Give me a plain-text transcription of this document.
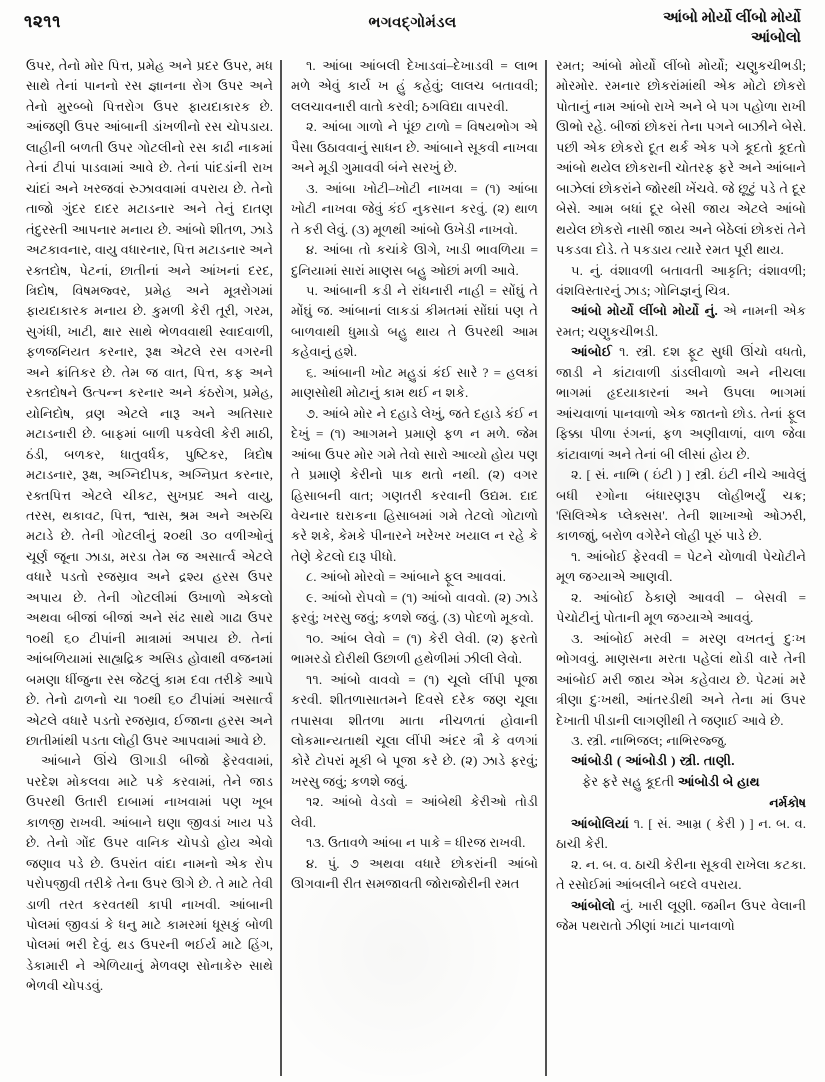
૧૨૧૧	ભગવદ્ગોમંડલ	આંબો મોર્યો લીંબો મોર્યો
આંબોલો

ઉપર, તેનો મોર પિત્ત, પ્રમેહ અને પ્રદર ઉપર, મધ સાથે તેનાં પાનનો રસ જ્ઞાનના રોગ ઉપર અને તેનો મુરબ્બો પિત્તરોગ ઉપર ફાયદાકારક છે. આંજણી ઉપર આંબાની ડાંખળીનો રસ ચોપડાય. લાહીની બળતી ઉપર ગોટલીનો રસ કાઢી નાકમાં તેનાં ટીપાં પાડવામાં આવે છે. તેનાં પાંદડાંની રાખ ચાંદાં અને ખરજવાં રુઝાવવામાં વપરાય છે. તેનો તાજો ગુંદર દાદર મટાડનાર અને તેનું દાતણ તંદુરસ્તી આપનાર મનાય છે. આંબો શીતળ, ઝાડે અટકાવનાર, વાયુ વધારનાર, પિત્ત મટાડનાર અને રક્તદોષ, પેટનાં, છાતીનાં અને આંખનાં દરદ, ત્રિદોષ, વિષમજ્વર, પ્રમેહ અને મૂત્રરોગમાં ફાયદાકારક મનાય છે. કુમળી કેરી તૂરી, ગરમ, સુગંધી, ખાટી, ક્ષાર સાથે ભેળવવાથી સ્વાદવાળી, ફળજનિયત કરનાર, રૂક્ષ એટલે રસ વગરની અને ક્રાંતિકર છે. તેમ જ વાત, પિત્ત, કફ અને રક્તદોષને ઉત્પન્ન કરનાર અને કંઠરોગ, પ્રમેહ, યોનિદોષ, વ્રણ એટલે નારૂ અને અતિસાર મટાડનારી છે. બાફમાં બાળી પકવેલી કેરી માઠી, ઠંડી, બળકર, ધાતુવર્ધક, પુષ્ટિકર, ત્રિદોષ મટાડનાર, રૂક્ષ, અગ્નિદીપક, અગ્નિપ્રત કરનાર, રક્તપિત્ત એટલે ચીકટ, સુખપ્રદ અને વાયુ, તરસ, થકાવટ, પિત્ત, શ્વાસ, શ્રમ અને અરુચિ મટાડે છે. તેની ગોટલીનું ૨૦થી ૩૦ વળીઓનું ચૂર્ણ જૂના ઝાડા, મરડા તેમ જ અસાર્ત્વ એટલે વધારે પડતો રજસ્રાવ અને દ્રશ્ય હરસ ઉપર અપાય છે. તેની ગોટલીમાં ઉખાળો એકલો અથવા બીજાં બીજાં અને સંઢ સાથે ગાઢા ઉપર ૧૦થી ૬૦ ટીપાંની માત્રામાં અપાય છે. તેનાં આંબળિયામાં સાહ્યદ્રિક અસિડ હોવાથી વજનમાં બમણા ધીંજુના રસ જેટલું કામ દવા તરીકે આપે છે. તેનો ઢાળનો ચા ૧૦થી ૬૦ ટીપાંમાં અસાર્ત્વ એટલે વધારે પડતો રજસ્રાવ, ઈજાના હરસ અને છાતીમાંથી પડતા લોહી ઉપર આપવામાં આવે છે.

આંબાને ઊંચે ઊગાડી બીજો ફેરવવામાં, પરદેશ મોકલવા માટે પકે કરવામાં, તેને જાડ ઉપરથી ઉતારી દાબામાં નાખવામાં પણ ખૂબ કાળજી રાખવી. આંબાને ઘણા જીવડાં ખાય પડે છે. તેનો ગોંદ ઉપર વાનિક ચોપડો હોય એવો જણાવ પડે છે. ઉપરાંત વાંદા નામનો એક રોપ પરોપજીવી તરીકે તેના ઉપર ઊગે છે. તે માટે તેવી ડાળી તરત કરવતથી કાપી નાખવી. આંબાની પોલમાં જીવડાં કે ધનુ માટે કામરમાં ધૂસકું બોળી પોલમાં ભરી દેવું. થડ ઉપરની ભઈર્ય માટે હિંગ, ડેકામારી ને એળિયાનું મેળવણ સોનાકેરુ સાથે ભેળવી ચોપડવું.

૧. આંબા આંબલી દેખાડવાં–દેખાડવી = લાભ મળે એવું કાર્ય ખ હું કહેવું; લાલચ બતાવવી; લલચાવનારી વાતો કરવી; ઠગવિદ્યા વાપરવી.

૨. આંબા ગાળો ને પૂંછ ટાળો = વિષયભોગ એ પૈસા ઉઠાવવાનું સાધન છે. આંબાને સૂકવી નાખવા અને મૂડી ગુમાવવી બંને સરખું છે.

૩. આંબા ખોટી–ખોટી નાખવા = (૧) આંબા ખોટી નાખવા જેવું કંઈ નુકસાન કરવું. (૨) થાળ તે કરી લેવું. (૩) મૂળથી આંબો ઉખેડી નાખવો.

૪. આંબા તો કચાંકે ઊગે, ખાડી ભાવળિયા = દુનિયામાં સારાં માણસ બહુ ઓછાં મળી આવે.

૫. આંબાની કડી ને રાંધનારી નાહી = સોંઘું તે મોંઘું જ. આંબાનાં લાકડાં કીમતમાં સોંઘાં પણ તે બાળવાથી ધુમાડો બહુ થાય તે ઉપરથી આમ કહેવાનું હશે.

૬. આંબાની ખોટ મહુડાં કંઈ સારે ? = હલકાં માણસોથી મોટાનું કામ થઈ ન શકે.

૭. આંબે મોર ને દહાડે લેખું, જતે દહાડે કંઈ ન દેખું = (૧) આગમને પ્રમાણે ફળ ન મળે. જેમ આંબા ઉપર મોર ગમે તેવો સારો આવ્યો હોય પણ તે પ્રમાણે કેરીનો પાક થતો નથી. (૨) વગર હિસાબની વાત; ગણતરી કરવાની ઉદ્યમ. દાદ વેચનાર ઘરાકના હિસાબમાં ગમે તેટલો ગોટાળો કરે શકે, કેમકે પીનારને ખરેખર ખયાલ ન રહે કે તેણે કેટલો દારૂ પીધો.

૮. આંબો મોરવો = આંબાને ફૂલ આવવાં.

૯. આંબો રોપવો = (૧) આંબો વાવવો. (૨) ઝાડે ફરવું; ખરસુ જવું; કળશે જવું. (૩) પોદળો મૂકવો.

૧૦. આંબ લેવો = (૧) કેરી લેવી. (૨) ફરતો ભામરડો દોરીથી ઉછાળી હથેળીમાં ઝીલી લેવો.

૧૧. આંબો વાવવો = (૧) ચૂલો લીંપી પૂજા કરવી. શીતળાસાતમને દિવસે દરેક જણ ચૂલા તપાસવા શીતળા માતા નીચળતાં હોવાની લોકમાન્યતાથી ચૂલા લીંપી અંદર ત્રૌ કે વળગાં કોરે ટોપરાં મૂકી બે પૂજા કરે છે. (૨) ઝાડે ફરવું; ખરસુ જવું; કળશે જવું.

૧૨. આંબો વેડવો = આંબેથી કેરીઓ તોડી લેવી.

૧૩. ઉતાવળે આંબા ન પાકે = ધીરજ રાખવી.

૪. પું. ૭ અથવા વધારે છોકરાંની આંબો ઊગવાની રીત સમજાવતી જોરાજોરીની રમત

રમત; આંબો મોર્યો લીંબો મોર્યો; ચણુકચીભડી; મોરમોર. રમનાર છોકરાંમાંથી એક મોટો છોકરો પોતાનું નામ આંબો રાખે અને બે પગ પહોળા રાખી ઊભો રહે. બીજાં છોકરાં તેના પગને બાઝીને બેસે. પછી એક છોકરો દૂત થર્ક એક પગે કૂદતો કૂદતો આંબો થયેલ છોકરાની ચોતરફ ફરે અને આંબાને બાઝેલાં છોકરાંને જોરથી ખેંચવે. જે છૂટું પડે તે દૂર બેસે. આમ બધાં દૂર બેસી જાય એટલે આંબો થયેલ છોકરો નાસી જાય અને બેઠેલાં છોકરાં તેને પકડવા દોડે. તે પકડાય ત્યારે રમત પૂરી થાય.

૫. નું. વંશાવળી બતાવતી આકૃતિ; વંશાવળી; વંશવિસ્તારનું ઝાડ; ગોનિજ્ઞનું ચિત્ર.

આંબો મોર્યો લીંબો મોર્યો નું. એ નામની એક રમત; ચણુકચીભડી.

આંબોઈ ૧. સ્ત્રી. દશ ફૂટ સુધી ઊંચો વધતો, જાડી ને કાંટાવાળી ડાંડલીવાળો અને નીચલા ભાગમાં હૃદયાકારનાં અને ઉપલા ભાગમાં આંચવાળાં પાનવાળો એક જાતનો છોડ. તેનાં ફૂલ ફિક્કા પીળા રંગનાં, ફળ અણીવાળાં, વાળ જેવા કાંટાવાળાં અને તેનાં બી લીસાં હોય છે.

૨. [ સં. નાભિ ( ઇંટી ) ] સ્ત્રી. ઇંટી નીચે આવેલું બધી રગોના બંધારણરૂપ લોહીભર્યું ચક્ર; 'સિલિએક પ્લેક્સસ'. તેની શાખાઓ ઓઝરી, કાળજાું, બરોળ વગેરેને લોહી પૂરું પાડે છે.

૧. આંબોઈ ફેરવવી = પેટને ચોળાવી પેચોટીને મૂળ જગ્યાએ આણવી.

૨. આંબોઈ ઠેકાણે આવવી – બેસવી = પેચોટીનું પોતાની મૂળ જગ્યાએ આવવું.

૩. આંબોઈ મરવી = મરણ વખતનું દુઃખ ભોગવવું. માણસના મરતા પહેલાં થોડી વારે તેની આંબોઈ મરી જાય એમ કહેવાય છે. પેટમાં મરે ત્રીણા દુઃખથી, આંતરડીથી અને તેના માં ઉપર દેખાતી પીડાની લાગણીથી તે જણાઈ આવે છે.

૩. સ્ત્રી. નાભિજલ; નાભિરજ્જુ.

આંબોડી ( આંબોડી ) સ્ત્રી. તાણી.

ફેર ફરે સહુ કૂદતી આંબોડી બે હાથ
નર્મકોષ

આંબોલિયાં ૧. [ સં. આમ્ર ( કેરી ) ] ન. બ. વ. ઠાચી કેરી.

૨. ન. બ. વ. ઠાચી કેરીના સૂકવી રાખેલા કટકા. તે રસોઈમાં આંબલીને બદલે વપરાય.

આંબોલો નું. ખારી લૂણી. જમીન ઉપર વેલાની જેમ પથરાતો ઝીણાં ખાટાં પાનવાળો
